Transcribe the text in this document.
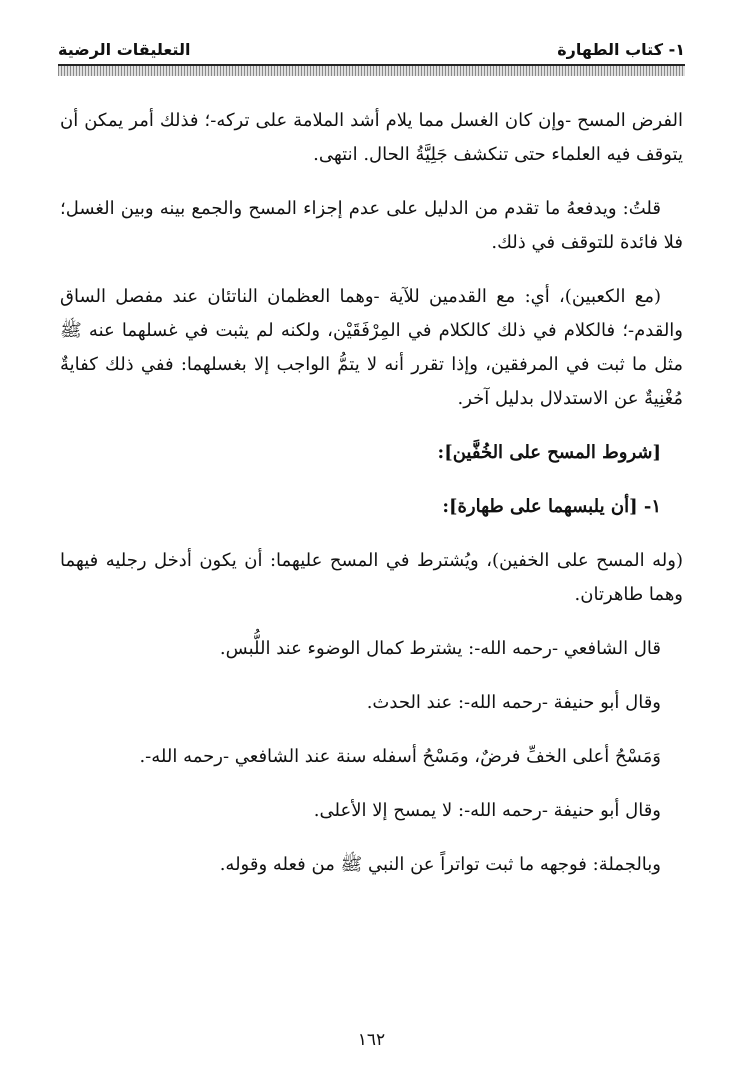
١- كتاب الطهارة
التعليقات الرضية

الفرض المسح -وإن كان الغسل مما يلام أشد الملامة على تركه-؛ فذلك أمر يمكن أن يتوقف فيه العلماء حتى تنكشف جَلِيَّةُ الحال. انتهى.

قلتُ: ويدفعهُ ما تقدم من الدليل على عدم إجزاء المسح والجمع بينه وبين الغسل؛ فلا فائدة للتوقف في ذلك.

(مع الكعبين)، أي: مع القدمين للآية -وهما العظمان الناتئان عند مفصل الساق والقدم-؛ فالكلام في ذلك كالكلام في المِرْفَقَيْن، ولكنه لم يثبت في غسلهما عنه ﷺ مثل ما ثبت في المرفقين، وإذا تقرر أنه لا يتمُّ الواجب إلا بغسلهما: ففي ذلك كفايةٌ مُغْنِيةٌ عن الاستدلال بدليل آخر.

[شروط المسح على الخُفَّين]:

١- [أن يلبسهما على طهارة]:

(وله المسح على الخفين)، ويُشترط في المسح عليهما: أن يكون أدخل رجليه فيهما وهما طاهرتان.

قال الشافعي -رحمه الله-: يشترط كمال الوضوء عند اللُّبس.

وقال أبو حنيفة -رحمه الله-: عند الحدث.

وَمَسْحُ أعلى الخفِّ فرضٌ، ومَسْحُ أسفله سنة عند الشافعي -رحمه الله-.

وقال أبو حنيفة -رحمه الله-: لا يمسح إلا الأعلى.

وبالجملة: فوجهه ما ثبت تواتراً عن النبي ﷺ من فعله وقوله.

١٦٢
